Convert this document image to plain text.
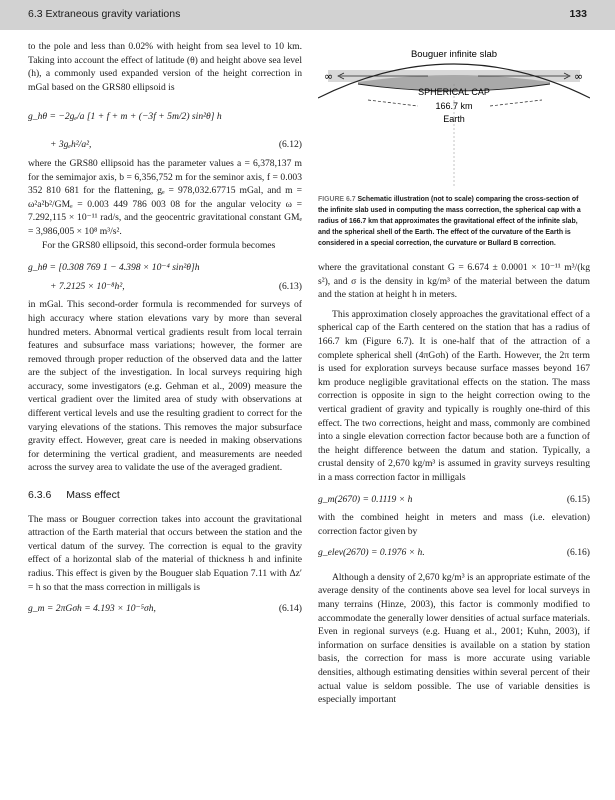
6.3 Extraneous gravity variations	133

to the pole and less than 0.02% with height from sea level to 10 km. Taking into account the effect of latitude (θ) and height above sea level (h), a commonly used expanded version of the height correction in mGal based on the GRS80 ellipsoid is

g_hθ = −2gₑ/a [1 + f + m + (−3f + 5m/2) sin²θ] h
+ 3gₑh²/a²,	(6.12)

where the GRS80 ellipsoid has the parameter values a = 6,378,137 m for the semimajor axis, b = 6,356,752 m for the seminor axis, f = 0.003 352 810 681 for the flattening, gₑ = 978,032.67715 mGal, and m = ω²a²b²/GMₑ = 0.003 449 786 003 08 for the angular velocity ω = 7.292,115 × 10⁻¹¹ rad/s, and the geocentric gravitational constant GMₑ = 3,986,005 × 10⁸ m³/s².

For the GRS80 ellipsoid, this second-order formula becomes

g_hθ = [0.308 769 1 − 4.398 × 10⁻⁴ sin²θ]h
+ 7.2125 × 10⁻⁸h²,	(6.13)

in mGal. This second-order formula is recommended for surveys of high accuracy where station elevations vary by more than several hundred meters. Abnormal vertical gradients result from local terrain features and subsurface mass variations; however, the former are removed through proper reduction of the observed data and the latter are the subject of the investigation. In local surveys requiring high accuracy, some investigators (e.g. Gehman et al., 2009) measure the vertical gradient over the limited area of study with observations at different vertical levels and use the resulting gradient to correct for the varying elevations of the stations. This removes the major subsurface gravity effect. However, great care is needed in making observations for determining the vertical gradient, and measurements are needed across the survey area to validate the use of the averaged gradient.

6.3.6 Mass effect

The mass or Bouguer correction takes into account the gravitational attraction of the Earth material that occurs between the station and the vertical datum of the survey. The correction is equal to the gravity effect of a horizontal slab of the material of thickness h and infinite radius. This effect is given by the Bouguer slab Equation 7.11 with Δz′ = h so that the mass correction in milligals is

g_m = 2πGσh = 4.193 × 10⁻⁵σh,	(6.14)
Bouguer infinite slab
SPHERICAL CAP
166.7 km
Earth
∞	∞
FIGURE 6.7 Schematic illustration (not to scale) comparing the cross-section of the infinite slab used in computing the mass correction, the spherical cap with a radius of 166.7 km that approximates the gravitational effect of the infinite slab, and the spherical shell of the Earth. The effect of the curvature of the Earth is considered in a special correction, the curvature or Bullard B correction.

where the gravitational constant G = 6.674 ± 0.0001 × 10⁻¹¹ m³/(kg s²), and σ is the density in kg/m³ of the material between the datum and the station at height h in meters.

This approximation closely approaches the gravitational effect of a spherical cap of the Earth centered on the station that has a radius of 166.7 km (Figure 6.7). It is one-half that of the attraction of a complete spherical shell (4πGσh) of the Earth. However, the 2π term is used for exploration surveys because surface masses beyond 167 km produce negligible gravitational effects on the station. The mass correction is opposite in sign to the height correction owing to the vertical gradient of gravity and typically is roughly one-third of this effect. The two corrections, height and mass, commonly are combined into a single elevation correction factor because both are a function of the height difference between the datum and station. Typically, a crustal density of 2,670 kg/m³ is assumed in gravity surveys resulting in a mass correction factor in milligals

g_m(2670) = 0.1119 × h	(6.15)

with the combined height in meters and mass (i.e. elevation) correction factor given by

g_elev(2670) = 0.1976 × h.	(6.16)

Although a density of 2,670 kg/m³ is an appropriate estimate of the average density of the continents above sea level for local surveys in many terrains (Hinze, 2003), this factor is commonly modified to accommodate the generally lower densities of actual surface materials. Even in regional surveys (e.g. Huang et al., 2001; Kuhn, 2003), if information on surface densities is available on a station by station basis, the correction for mass is more accurate using variable densities, although estimating densities within several percent of their actual value is seldom possible. The use of variable densities is especially important
